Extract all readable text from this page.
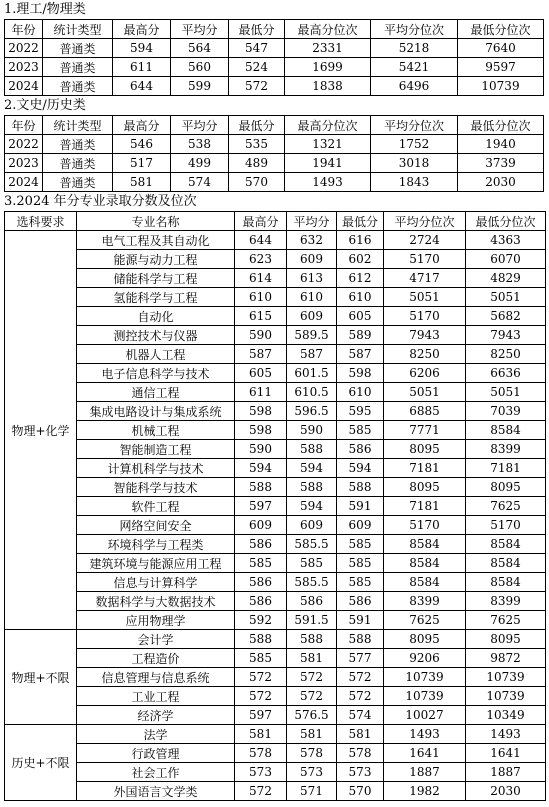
1.理工/物理类
年份	统计类型	最高分	平均分	最低分	最高分位次	平均分位次	最低分位次
2022	普通类	594	564	547	2331	5218	7640
2023	普通类	611	560	524	1699	5421	9597
2024	普通类	644	599	572	1838	6496	10739
2.文史/历史类
年份	统计类型	最高分	平均分	最低分	最高分位次	平均分位次	最低分位次
2022	普通类	546	538	535	1321	1752	1940
2023	普通类	517	499	489	1941	3018	3739
2024	普通类	581	574	570	1493	1843	2030
3.2024 年分专业录取分数及位次
选科要求	专业名称	最高分	平均分	最低分	平均分位次	最低分位次
物理+化学	电气工程及其自动化	644	632	616	2724	4363
	能源与动力工程	623	609	602	5170	6070
	储能科学与工程	614	613	612	4717	4829
	氢能科学与工程	610	610	610	5051	5051
	自动化	615	609	605	5170	5682
	测控技术与仪器	590	589.5	589	7943	7943
	机器人工程	587	587	587	8250	8250
	电子信息科学与技术	605	601.5	598	6206	6636
	通信工程	611	610.5	610	5051	5051
	集成电路设计与集成系统	598	596.5	595	6885	7039
	机械工程	598	590	585	7771	8584
	智能制造工程	590	588	586	8095	8399
	计算机科学与技术	594	594	594	7181	7181
	智能科学与技术	588	588	588	8095	8095
	软件工程	597	594	591	7181	7625
	网络空间安全	609	609	609	5170	5170
	环境科学与工程类	586	585.5	585	8584	8584
	建筑环境与能源应用工程	585	585	585	8584	8584
	信息与计算科学	586	585.5	585	8584	8584
	数据科学与大数据技术	586	586	586	8399	8399
	应用物理学	592	591.5	591	7625	7625
物理+不限	会计学	588	588	588	8095	8095
	工程造价	585	581	577	9206	9872
	信息管理与信息系统	572	572	572	10739	10739
	工业工程	572	572	572	10739	10739
	经济学	597	576.5	574	10027	10349
历史+不限	法学	581	581	581	1493	1493
	行政管理	578	578	578	1641	1641
	社会工作	573	573	573	1887	1887
	外国语言文学类	572	571	570	1982	2030
